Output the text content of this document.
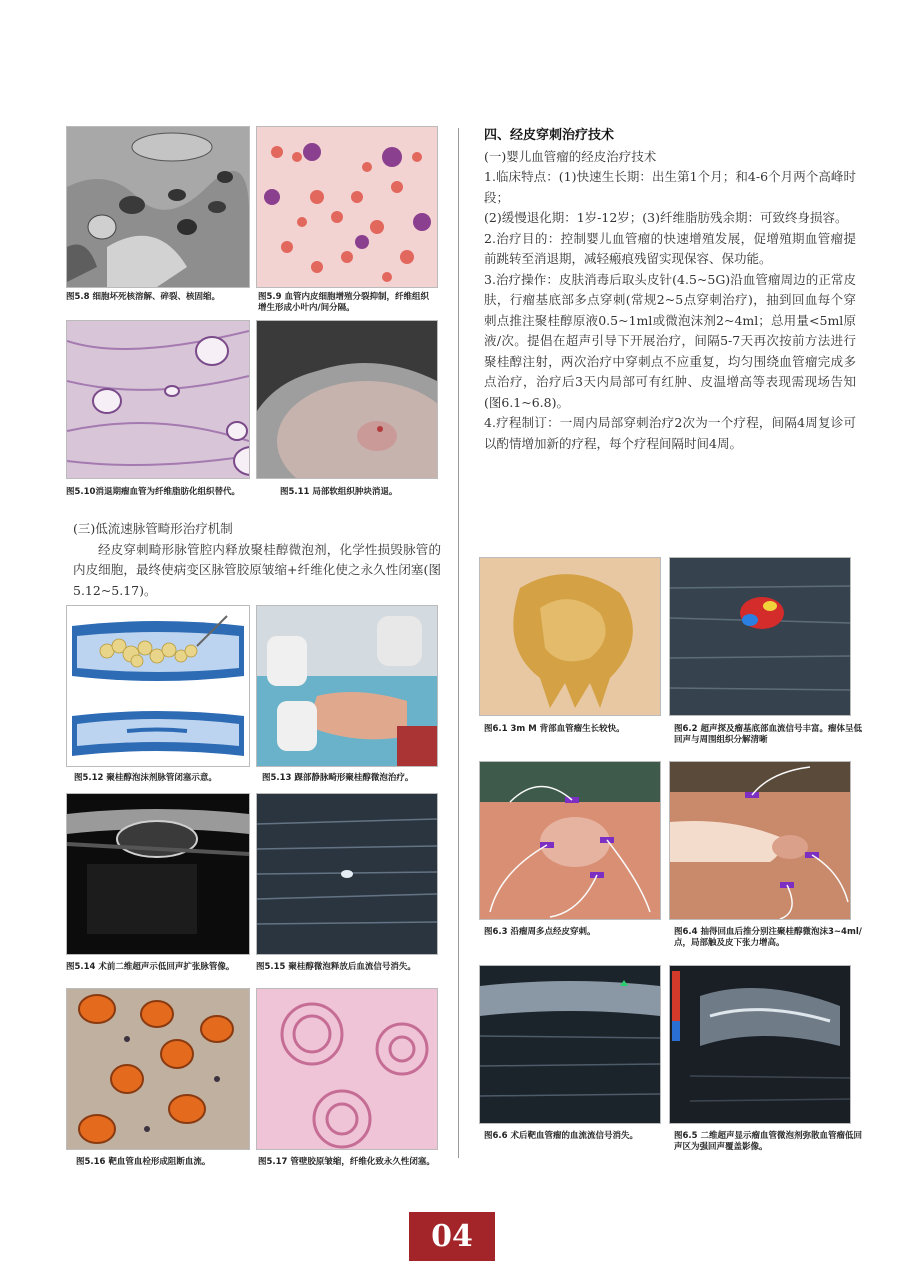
图5.8 细胞坏死核溶解、碎裂、核固缩。	图5.9 血管内皮细胞增殖分裂抑制，纤维组织增生形成小叶内/间分隔。
图5.10消退期瘤血管为纤维脂肪化组织替代。	图5.11 局部软组织肿块消退。

(三)低流速脉管畸形治疗机制

经皮穿刺畸形脉管腔内释放聚桂醇微泡剂，化学性损毁脉管的内皮细胞，最终使病变区脉管胶原皱缩+纤维化使之永久性闭塞(图5.12~5.17)。

图5.12 聚桂醇泡沫剂脉管闭塞示意。	图5.13 踝部静脉畸形聚桂醇微泡治疗。
图5.14 术前二维超声示低回声扩张脉管像。	图5.15 聚桂醇微泡释放后血流信号消失。
图5.16 靶血管血栓形成阻断血流。	图5.17 管壁胶原皱缩，纤维化致永久性闭塞。

四、经皮穿刺治疗技术

(一)婴儿血管瘤的经皮治疗技术

1.临床特点：(1)快速生长期：出生第1个月；和4-6个月两个高峰时段；

(2)缓慢退化期：1岁-12岁；(3)纤维脂肪残余期：可致终身损容。

2.治疗目的：控制婴儿血管瘤的快速增殖发展，促增殖期血管瘤提前跳转至消退期，减轻瘢痕残留实现保容、保功能。

3.治疗操作：皮肤消毒后取头皮针(4.5~5G)沿血管瘤周边的正常皮肤，行瘤基底部多点穿刺(常规2~5点穿刺治疗)，抽到回血每个穿刺点推注聚桂醇原液0.5~1ml或微泡沫剂2~4ml；总用量<5ml原液/次。提倡在超声引导下开展治疗，间隔5-7天再次按前方法进行聚桂醇注射，两次治疗中穿刺点不应重复，均匀围绕血管瘤完成多点治疗，治疗后3天内局部可有红肿、皮温增高等表现需现场告知(图6.1~6.8)。

4.疗程制订：一周内局部穿刺治疗2次为一个疗程，间隔4周复诊可以酌情增加新的疗程，每个疗程间隔时间4周。

图6.1 3m M 背部血管瘤生长较快。	图6.2 超声探及瘤基底部血流信号丰富。瘤体呈低回声与周围组织分解清晰
图6.3 沿瘤周多点经皮穿刺。	图6.4 抽得回血后推分别注聚桂醇微泡沫3~4ml/点，局部触及皮下张力增高。
图6.6 术后靶血管瘤的血流流信号消失。	图6.5 二维超声显示瘤血管微泡剂弥散血管瘤低回声区为强回声覆盖影像。
04
